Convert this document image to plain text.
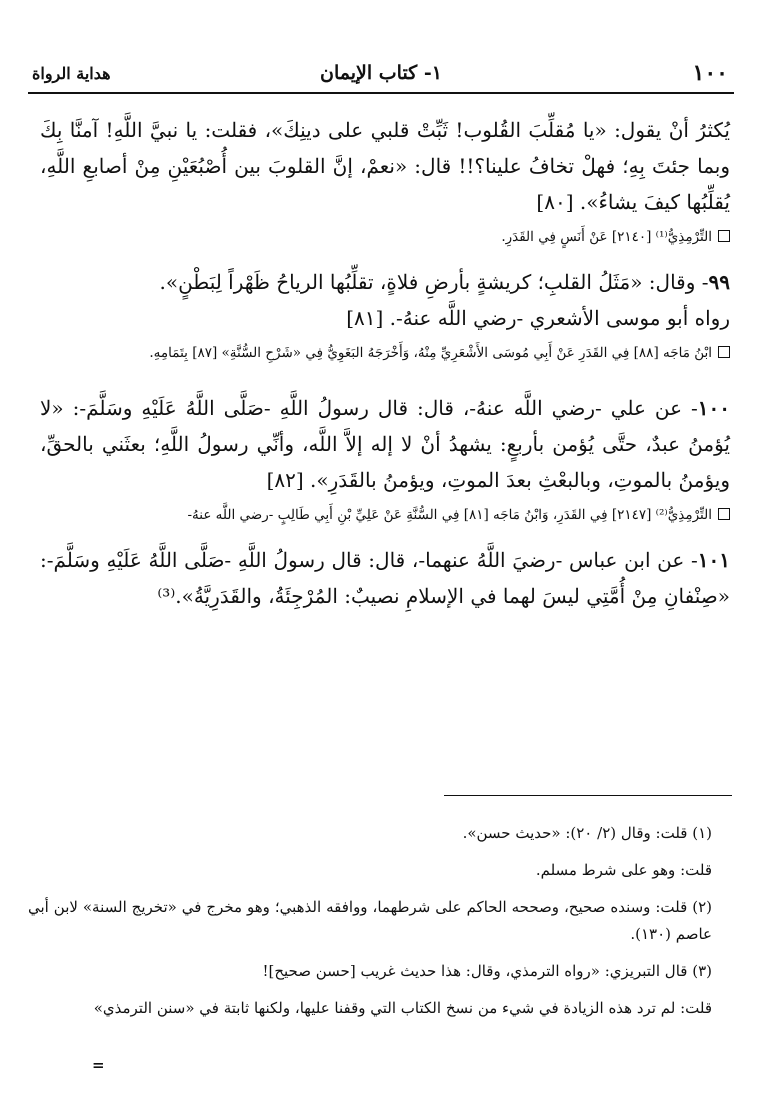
١٠٠
١- كتاب الإيمان
هداية الرواة

يُكثرُ أنْ يقول: «يا مُقلِّبَ القُلوب! ثَبِّتْ قلبي على دينِكَ»، فقلت: يا نبيَّ اللَّهِ! آمنَّا بِكَ وبما جئتَ بِهِ؛ فهلْ تخافُ علينا؟!! قال: «نعمْ، إنَّ القلوبَ بين أُصْبُعَيْنِ مِنْ أصابعِ اللَّهِ، يُقلِّبُها كيفَ يشاءُ». [٨٠]

التِّرْمِذِيُّ⁽¹⁾ [٢١٤٠] عَنْ أَنَسٍ فِي القَدَرِ.

٩٩- وقال: «مَثَلُ القلبِ؛ كريشةٍ بأرضِ فلاةٍ، تقلِّبُها الرياحُ ظَهْراً لِبَطْنٍ».

رواه أبو موسى الأشعري -رضي اللَّه عنهُ-. [٨١]

ابْنُ مَاجَه [٨٨] فِي القَدَرِ عَنْ أَبِي مُوسَى الأَشْعَرِيِّ مِنْهُ، وَأَخْرَجَهُ البَغَوِيُّ فِي «شَرْحِ السُّنَّةِ» [٨٧] بِتَمَامِهِ.

١٠٠- عن علي -رضي اللَّه عنهُ-، قال: قال رسولُ اللَّهِ -صَلَّى اللَّهُ عَلَيْهِ وسَلَّمَ-: «لا يُؤمنُ عبدٌ، حتَّى يُؤمن بأربعٍ: يشهدُ أنْ لا إله إلاَّ اللَّه، وأنِّي رسولُ اللَّهِ؛ بعثَني بالحقِّ، ويؤمنُ بالموتِ، وبالبعْثِ بعدَ الموتِ، ويؤمنُ بالقَدَرِ». [٨٢]

التِّرْمِذِيُّ⁽²⁾ [٢١٤٧] فِي القَدَرِ، وَابْنُ مَاجَه [٨١] فِي السُّنَّةِ عَنْ عَلِيِّ بْنِ أَبِي طَالِبٍ -رضي اللَّه عنهُ-

١٠١- عن ابن عباس -رضيَ اللَّهُ عنهما-، قال: قال رسولُ اللَّهِ -صَلَّى اللَّهُ عَلَيْهِ وسَلَّمَ-: «صِنْفانِ مِنْ أُمَّتِي ليسَ لهما في الإسلامِ نصيبٌ: المُرْجِئَةُ، والقَدَرِيَّةُ».⁽³⁾

(١) قلت: وقال (٢/ ٢٠): «حديث حسن».

قلت: وهو على شرط مسلم.

(٢) قلت: وسنده صحيح، وصححه الحاكم على شرطهما، ووافقه الذهبي؛ وهو مخرج في «تخريج السنة» لابن أبي عاصم (١٣٠).

(٣) قال التبريزي: «رواه الترمذي، وقال: هذا حديث غريب [حسن صحيح]!

قلت: لم ترد هذه الزيادة في شيء من نسخ الكتاب التي وقفنا عليها، ولكنها ثابتة في «سنن الترمذي»

=
